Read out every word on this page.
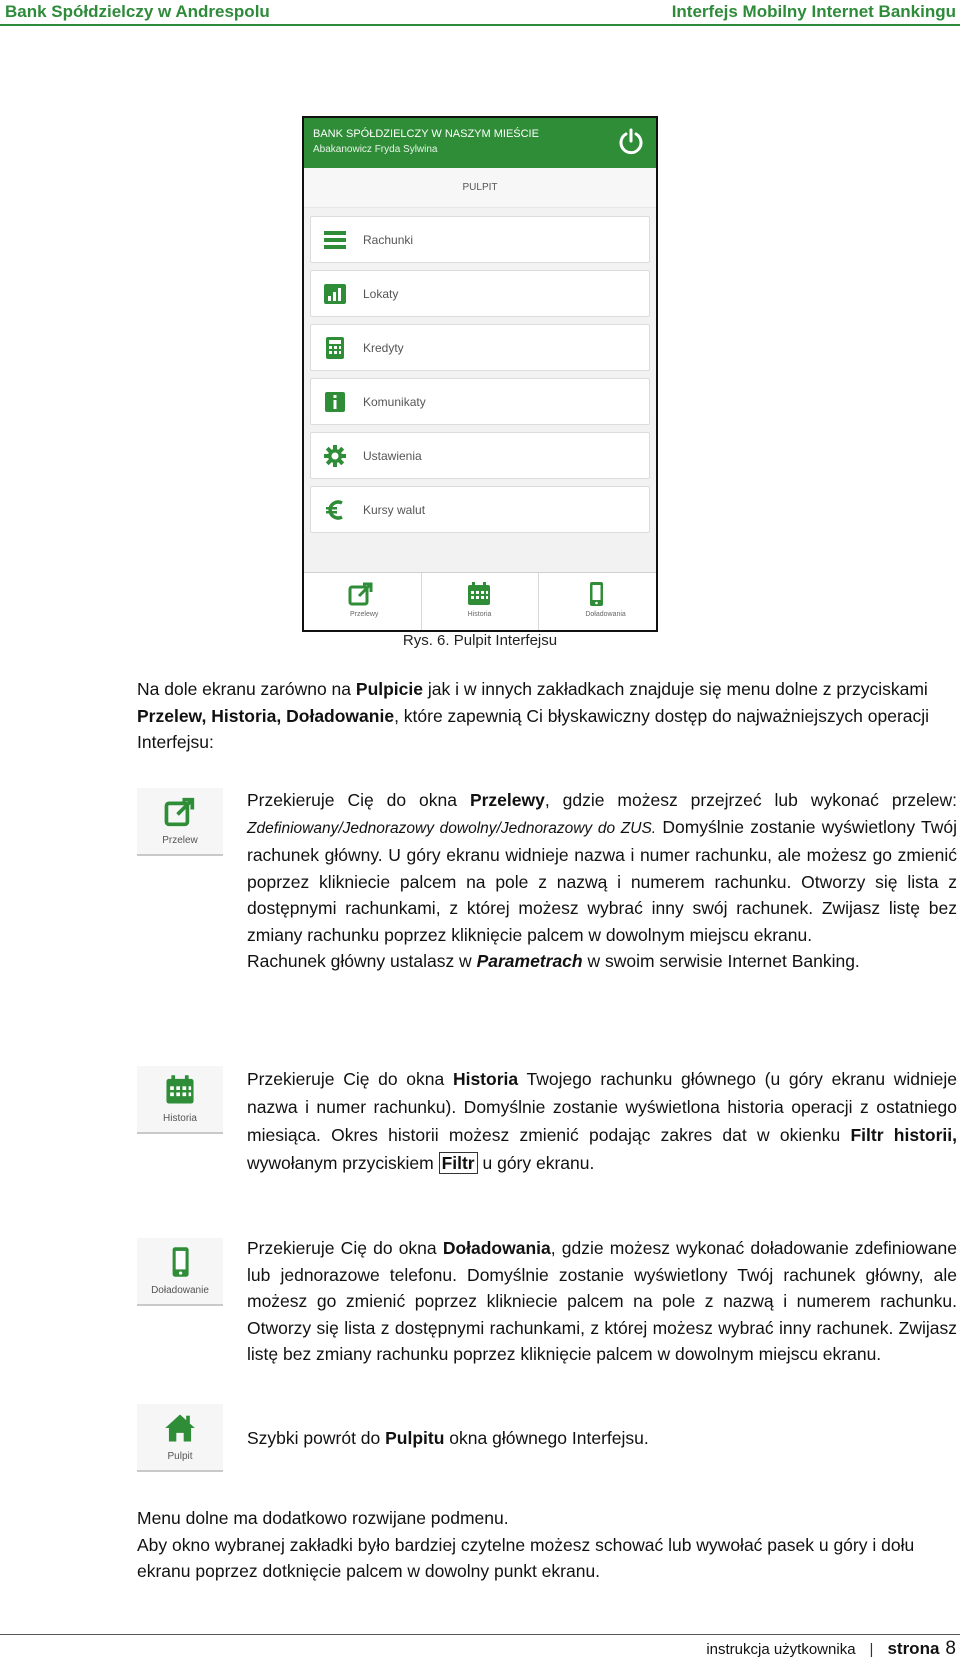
Bank Spółdzielczy w Andrespolu	Interfejs Mobilny Internet Bankingu
BANK SPÓŁDZIELCZY W NASZYM MIEŚCIE
Abakanowicz Fryda Sylwina
PULPIT
Rachunki
Lokaty
Kredyty
Komunikaty
Ustawienia
Kursy walut
Przelewy	Historia	Doładowania
Rys. 6. Pulpit Interfejsu
Na dole ekranu zarówno na Pulpicie jak i w innych zakładkach znajduje się menu dolne z przyciskami Przelew, Historia, Doładowanie, które zapewnią Ci błyskawiczny dostęp do najważniejszych operacji Interfejsu:
Przelew
Przekieruje Cię do okna Przelewy, gdzie możesz przejrzeć lub wykonać przelew: Zdefiniowany/Jednorazowy dowolny/Jednorazowy do ZUS. Domyślnie zostanie wyświetlony Twój rachunek główny. U góry ekranu widnieje nazwa i numer rachunku, ale możesz go zmienić poprzez klikniecie palcem na pole z nazwą i numerem rachunku. Otworzy się lista z dostępnymi rachunkami, z której możesz wybrać inny swój rachunek. Zwijasz listę bez zmiany rachunku poprzez kliknięcie palcem w dowolnym miejscu ekranu.
Rachunek główny ustalasz w Parametrach w swoim serwisie Internet Banking.
Historia
Przekieruje Cię do okna Historia Twojego rachunku głównego (u góry ekranu widnieje nazwa i numer rachunku). Domyślnie zostanie wyświetlona historia operacji z ostatniego miesiąca. Okres historii możesz zmienić podając zakres dat w okienku Filtr historii, wywołanym przyciskiem Filtr u góry ekranu.
Doładowanie
Przekieruje Cię do okna Doładowania, gdzie możesz wykonać doładowanie zdefiniowane lub jednorazowe telefonu. Domyślnie zostanie wyświetlony Twój rachunek główny, ale możesz go zmienić poprzez klikniecie palcem na pole z nazwą i numerem rachunku. Otworzy się lista z dostępnymi rachunkami, z której możesz wybrać inny rachunek. Zwijasz listę bez zmiany rachunku poprzez kliknięcie palcem w dowolnym miejscu ekranu.
Pulpit
Szybki powrót do Pulpitu okna głównego Interfejsu.
Menu dolne ma dodatkowo rozwijane podmenu.
Aby okno wybranej zakładki było bardziej czytelne możesz schować lub wywołać pasek u góry i dołu ekranu poprzez dotknięcie palcem w dowolny punkt ekranu.
instrukcja użytkownika | strona 8
